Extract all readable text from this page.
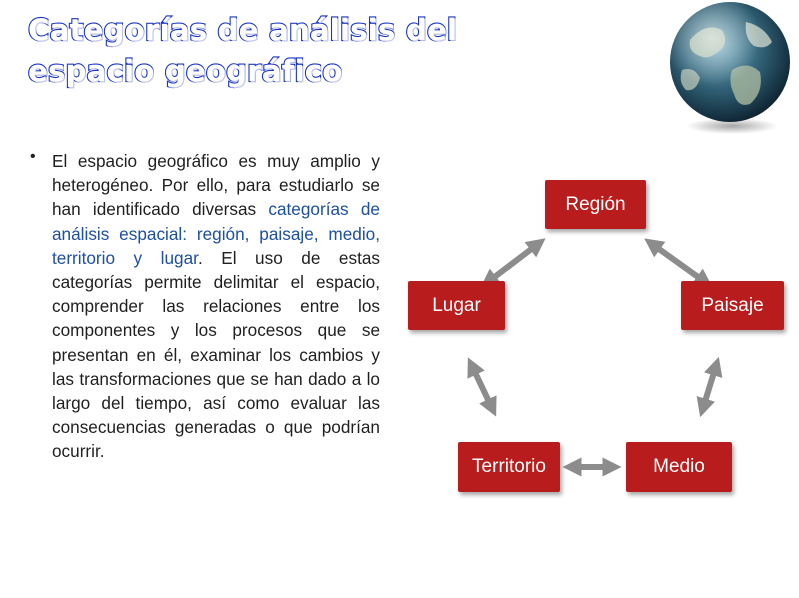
Categorías de análisis del
espacio geográfico
• El espacio geográfico es muy amplio y heterogéneo. Por ello, para estudiarlo se han identificado diversas categorías de análisis espacial: región, paisaje, medio, territorio y lugar. El uso de estas categorías permite delimitar el espacio, comprender las relaciones entre los componentes y los procesos que se presentan en él, examinar los cambios y las transformaciones que se han dado a lo largo del tiempo, así como evaluar las consecuencias generadas o que podrían ocurrir.
Región
Lugar	Paisaje
Territorio	Medio
